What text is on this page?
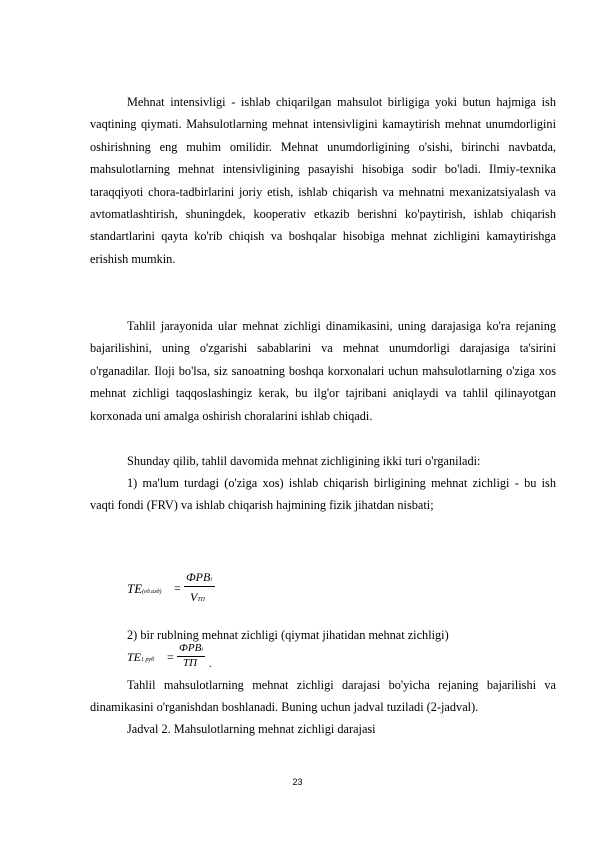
Mehnat intensivligi - ishlab chiqarilgan mahsulot birligiga yoki butun hajmiga ish vaqtining qiymati. Mahsulotlarning mehnat intensivligini kamaytirish mehnat unumdorligini oshirishning eng muhim omilidir. Mehnat unumdorligining o'sishi, birinchi navbatda, mahsulotlarning mehnat intensivligining pasayishi hisobiga sodir bo'ladi. Ilmiy-texnika taraqqiyoti chora-tadbirlarini joriy etish, ishlab chiqarish va mehnatni mexanizatsiyalash va avtomatlashtirish, shuningdek, kooperativ etkazib berishni ko'paytirish, ishlab chiqarish standartlarini qayta ko'rib chiqish va boshqalar hisobiga mehnat zichligini kamaytirishga erishish mumkin.

Tahlil jarayonida ular mehnat zichligi dinamikasini, uning darajasiga ko'ra rejaning bajarilishini, uning o'zgarishi sabablarini va mehnat unumdorligi darajasiga ta'sirini o'rganadilar. Iloji bo'lsa, siz sanoatning boshqa korxonalari uchun mahsulotlarning o'ziga xos mehnat zichligi taqqoslashingiz kerak, bu ilg'or tajribani aniqlaydi va tahlil qilinayotgan korxonada uni amalga oshirish choralarini ishlab chiqadi.

Shunday qilib, tahlil davomida mehnat zichligining ikki turi o'rganiladi:

1) ma'lum turdagi (o'ziga xos) ishlab chiqarish birligining mehnat zichligi - bu ish vaqti fondi (FRV) va ishlab chiqarish hajmining fizik jihatdan nisbati;

TE(ед.изд) =
ФРВi
VТП
2) bir rublning mehnat zichligi (qiymat jihatidan mehnat zichligi)
TE1 руб =
ФРВi
ТП .

Tahlil mahsulotlarning mehnat zichligi darajasi bo'yicha rejaning bajarilishi va dinamikasini o'rganishdan boshlanadi. Buning uchun jadval tuziladi (2-jadval).

Jadval 2. Mahsulotlarning mehnat zichligi darajasi

23
